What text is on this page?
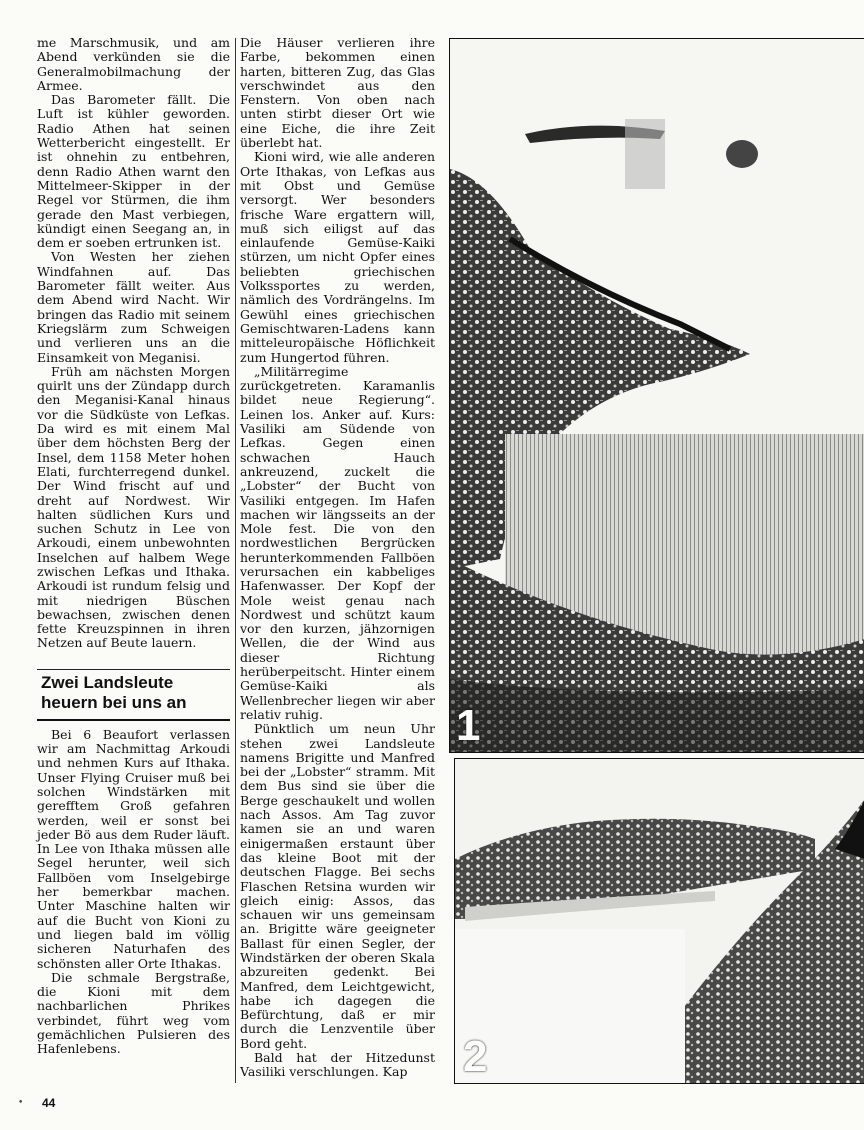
me Marschmusik, und am Abend verkünden sie die Generalmobilmachung der Armee.

Das Barometer fällt. Die Luft ist kühler geworden. Radio Athen hat seinen Wetterbericht eingestellt. Er ist ohnehin zu entbehren, denn Radio Athen warnt den Mittelmeer-Skipper in der Regel vor Stürmen, die ihm gerade den Mast verbiegen, kündigt einen Seegang an, in dem er soeben ertrunken ist.

Von Westen her ziehen Windfahnen auf. Das Barometer fällt weiter. Aus dem Abend wird Nacht. Wir bringen das Radio mit seinem Kriegslärm zum Schweigen und verlieren uns an die Einsamkeit von Meganisi.

Früh am nächsten Morgen quirlt uns der Zündapp durch den Meganisi-Kanal hinaus vor die Südküste von Lefkas. Da wird es mit einem Mal über dem höchsten Berg der Insel, dem 1158 Meter hohen Elati, furchterregend dunkel. Der Wind frischt auf und dreht auf Nordwest. Wir halten südlichen Kurs und suchen Schutz in Lee von Arkoudi, einem unbewohnten Inselchen auf halbem Wege zwischen Lefkas und Ithaka. Arkoudi ist rundum felsig und mit niedrigen Büschen bewachsen, zwischen denen fette Kreuzspinnen in ihren Netzen auf Beute lauern.

Zwei Landsleute
heuern bei uns an

Bei 6 Beaufort verlassen wir am Nachmittag Arkoudi und nehmen Kurs auf Ithaka. Unser Flying Cruiser muß bei solchen Windstärken mit gerefftem Groß gefahren werden, weil er sonst bei jeder Bö aus dem Ruder läuft. In Lee von Ithaka müssen alle Segel herunter, weil sich Fallböen vom Inselgebirge her bemerkbar machen. Unter Maschine halten wir auf die Bucht von Kioni zu und liegen bald im völlig sicheren Naturhafen des schönsten aller Orte Ithakas.

Die schmale Bergstraße, die Kioni mit dem nachbarlichen Phrikes verbindet, führt weg vom gemächlichen Pulsieren des Hafenlebens.

Die Häuser verlieren ihre Farbe, bekommen einen harten, bitteren Zug, das Glas verschwindet aus den Fenstern. Von oben nach unten stirbt dieser Ort wie eine Eiche, die ihre Zeit überlebt hat.

Kioni wird, wie alle anderen Orte Ithakas, von Lefkas aus mit Obst und Gemüse versorgt. Wer besonders frische Ware ergattern will, muß sich eiligst auf das einlaufende Gemüse-Kaiki stürzen, um nicht Opfer eines beliebten griechischen Volkssportes zu werden, nämlich des Vordrängelns. Im Gewühl eines griechischen Gemischtwaren-Ladens kann mitteleuropäische Höflichkeit zum Hungertod führen.

„Militärregime zurückgetreten. Karamanlis bildet neue Regierung“. Leinen los. Anker auf. Kurs: Vasiliki am Südende von Lefkas. Gegen einen schwachen Hauch ankreuzend, zuckelt die „Lobster“ der Bucht von Vasiliki entgegen. Im Hafen machen wir längsseits an der Mole fest. Die von den nordwestlichen Bergrücken herunterkommenden Fallböen verursachen ein kabbeliges Hafenwasser. Der Kopf der Mole weist genau nach Nordwest und schützt kaum vor den kurzen, jähzornigen Wellen, die der Wind aus dieser Richtung herüberpeitscht. Hinter einem Gemüse-Kaiki als Wellenbrecher liegen wir aber relativ ruhig.

Pünktlich um neun Uhr stehen zwei Landsleute namens Brigitte und Manfred bei der „Lobster“ stramm. Mit dem Bus sind sie über die Berge geschaukelt und wollen nach Assos. Am Tag zuvor kamen sie an und waren einigermaßen erstaunt über das kleine Boot mit der deutschen Flagge. Bei sechs Flaschen Retsina wurden wir gleich einig: Assos, das schauen wir uns gemeinsam an. Brigitte wäre geeigneter Ballast für einen Segler, der Windstärken der oberen Skala abzureiten gedenkt. Bei Manfred, dem Leichtgewicht, habe ich dagegen die Befürchtung, daß er mir durch die Lenzventile über Bord geht.

Bald hat der Hitzedunst Vasiliki verschlungen. Kap

1
2
• 44
